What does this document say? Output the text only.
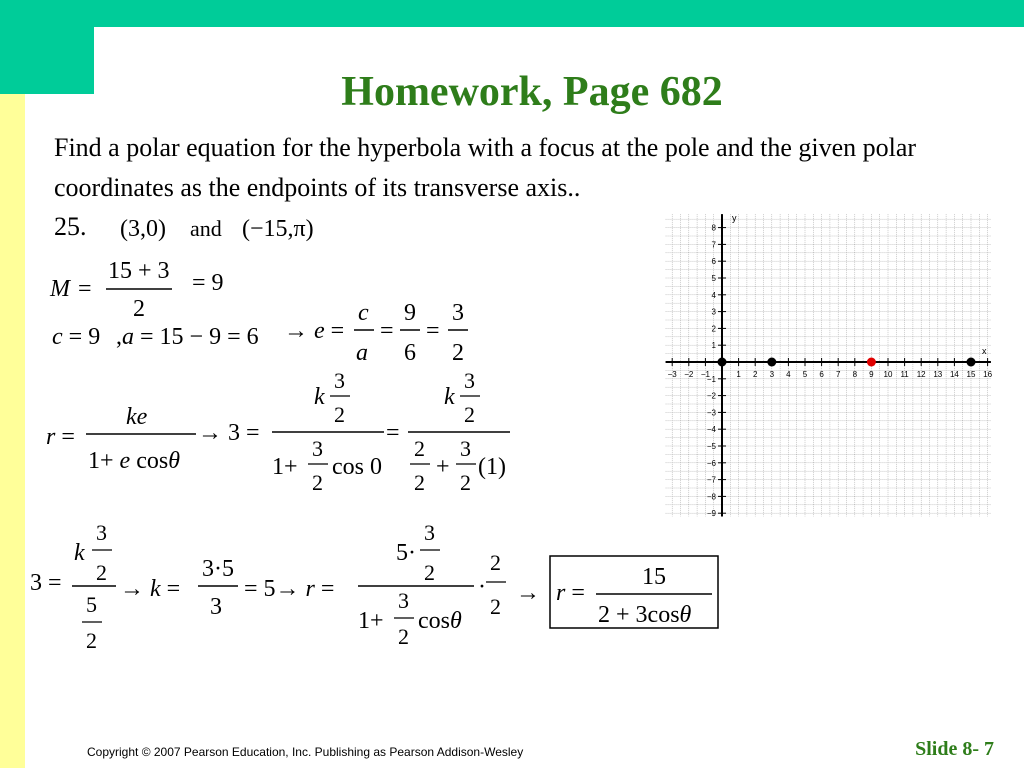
Homework, Page 682
Find a polar equation for the hyperbola with a focus at the pole and the given polar coordinates as the endpoints of its transverse axis..
25. (3,0) and (−15,π)
M =
15 + 3
2
= 9
c = 9 ,a = 15 − 9 = 6 → e =
c
a
=
9
6
=
3
2
r =
ke
1+ e cosθ
→ 3 =
k
3
2
1+
3
2
cos 0
=
k
3
2
2
2
+
3
2
(1)
3 =
k
3
2
5
2
→ k =
3·5
3
= 5→ r =
5·
3
2
1+
3
2
cosθ
·
2
2
→ r =
15
2 + 3cosθ
−3 −2 −1	1 2 3 4 5 6 7 8 9 10 11 12 13 14 15 16
8
7
6
5
4
3
2
1
−1
−2
−3
−4
−5
−6
−7
−8
−9
x
y
Copyright © 2007 Pearson Education, Inc. Publishing as Pearson Addison-Wesley	Slide 8- 7
